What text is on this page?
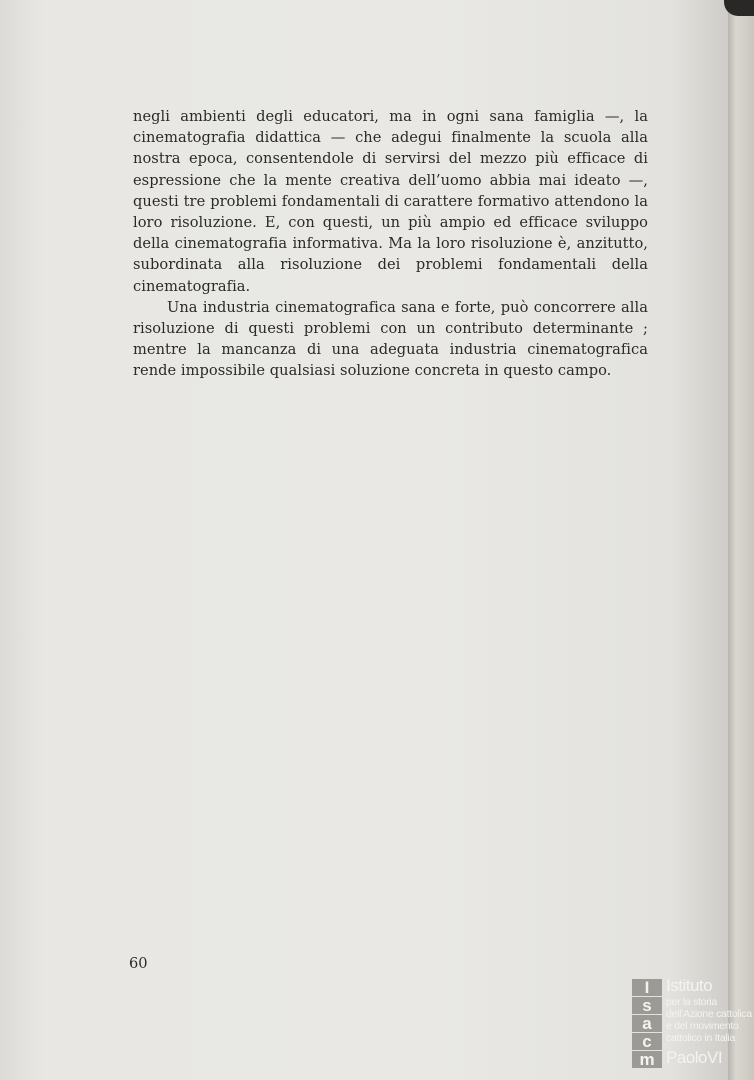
negli ambienti degli educatori, ma in ogni sana famiglia —, la cinematografia didattica — che adegui finalmente la scuola alla nostra epoca, consentendole di servirsi del mezzo più efficace di espressione che la mente creativa dell’uomo abbia mai ideato —, questi tre problemi fondamentali di carattere formativo attendono la loro risoluzione. E, con questi, un più ampio ed efficace sviluppo della cinematografia informativa. Ma la loro risoluzione è, anzitutto, subordinata alla risoluzione dei problemi fondamentali della cinematografia.

Una industria cinematografica sana e forte, può concorrere alla risoluzione di questi problemi con un contributo determinante ; mentre la mancanza di una adeguata industria cinematografica rende impossibile qualsiasi soluzione concreta in questo campo.

60
I
s
a
c
m
Istituto
per la storia
dell’Azione cattolica
e del movimento
cattolico in Italia
PaoloVI
